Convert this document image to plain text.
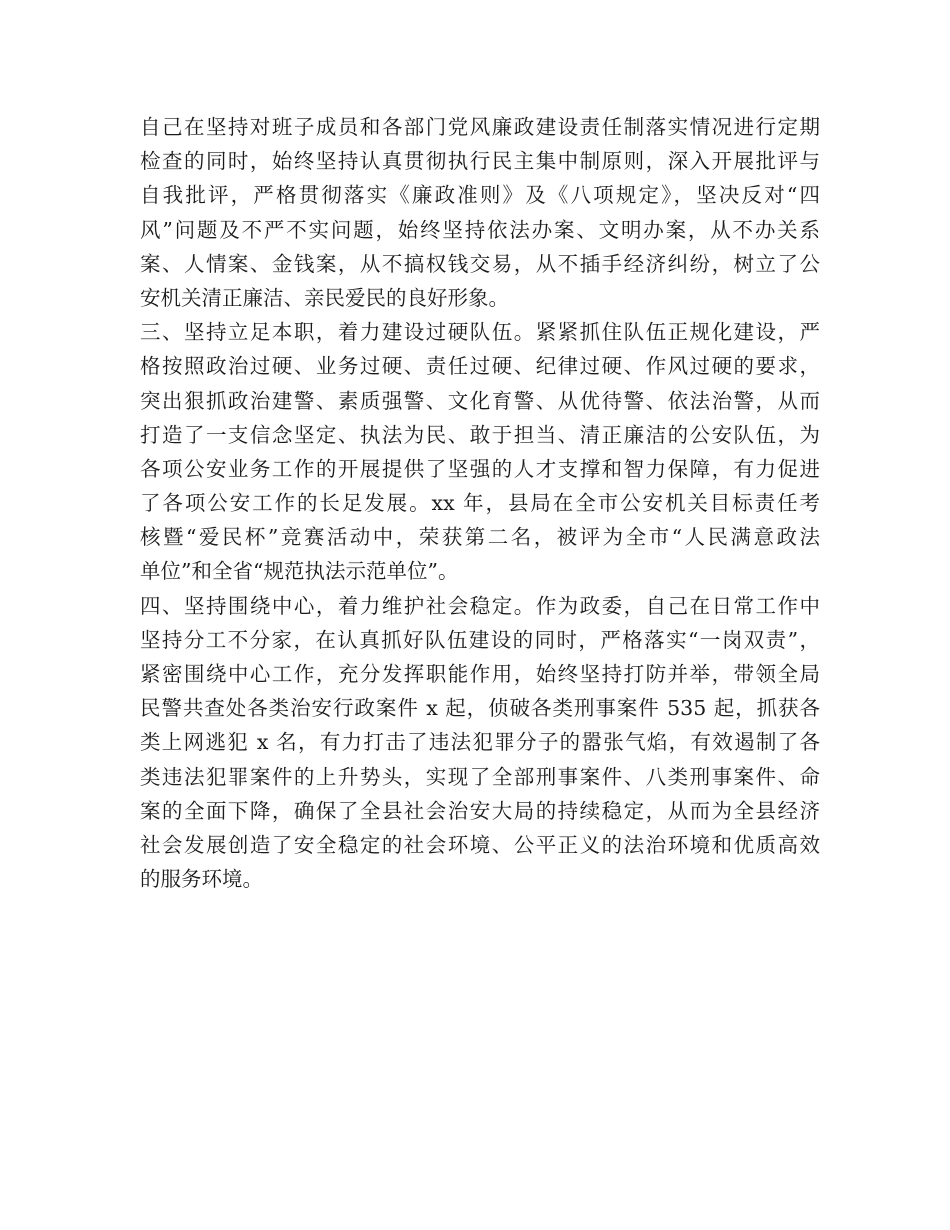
自己在坚持对班子成员和各部门党风廉政建设责任制落实情况进行定期
检查的同时，始终坚持认真贯彻执行民主集中制原则，深入开展批评与
自我批评，严格贯彻落实《廉政准则》及《八项规定》，坚决反对“四
风”问题及不严不实问题，始终坚持依法办案、文明办案，从不办关系
案、人情案、金钱案，从不搞权钱交易，从不插手经济纠纷，树立了公
安机关清正廉洁、亲民爱民的良好形象。
三、坚持立足本职，着力建设过硬队伍。紧紧抓住队伍正规化建设，严
格按照政治过硬、业务过硬、责任过硬、纪律过硬、作风过硬的要求，
突出狠抓政治建警、素质强警、文化育警、从优待警、依法治警，从而
打造了一支信念坚定、执法为民、敢于担当、清正廉洁的公安队伍，为
各项公安业务工作的开展提供了坚强的人才支撑和智力保障，有力促进
了各项公安工作的长足发展。xx 年，县局在全市公安机关目标责任考
核暨“爱民杯”竞赛活动中，荣获第二名，被评为全市“人民满意政法
单位”和全省“规范执法示范单位”。
四、坚持围绕中心，着力维护社会稳定。作为政委，自己在日常工作中
坚持分工不分家，在认真抓好队伍建设的同时，严格落实“一岗双责”，
紧密围绕中心工作，充分发挥职能作用，始终坚持打防并举，带领全局
民警共查处各类治安行政案件 x 起，侦破各类刑事案件 535 起，抓获各
类上网逃犯 x 名，有力打击了违法犯罪分子的嚣张气焰，有效遏制了各
类违法犯罪案件的上升势头，实现了全部刑事案件、八类刑事案件、命
案的全面下降，确保了全县社会治安大局的持续稳定，从而为全县经济
社会发展创造了安全稳定的社会环境、公平正义的法治环境和优质高效
的服务环境。
